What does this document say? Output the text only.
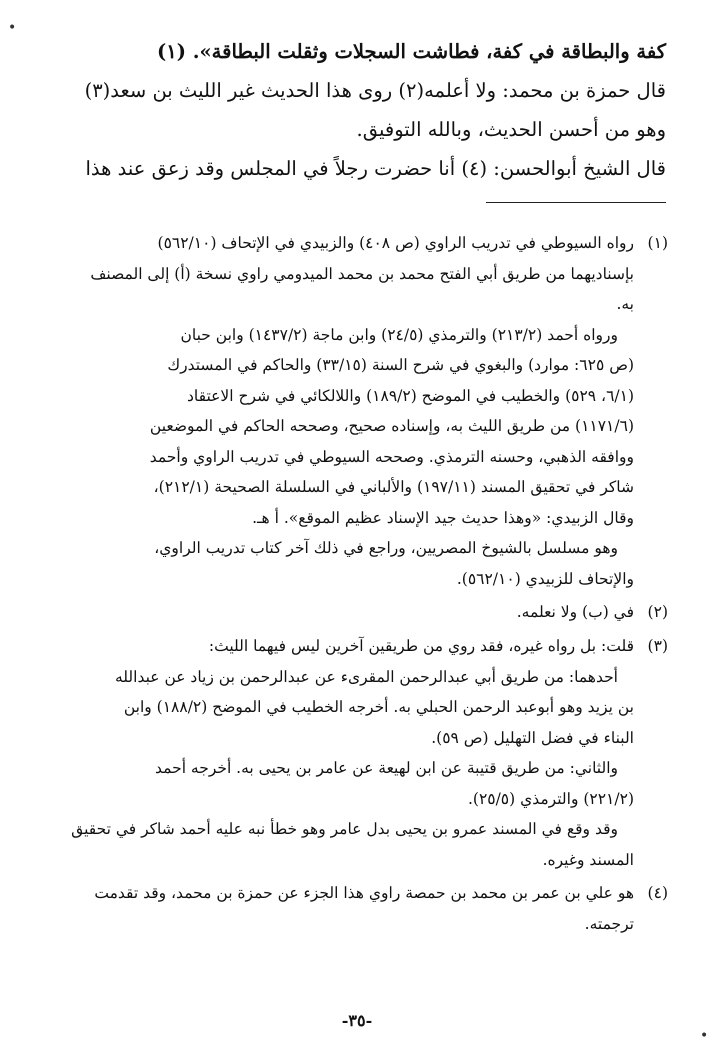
كفة والبطاقة في كفة، فطاشت السجلات وثقلت البطاقة». (١)

قال حمزة بن محمد: ولا أعلمه(٢) روى هذا الحديث غير الليث بن سعد(٣)

وهو من أحسن الحديث، وبالله التوفيق.

قال الشيخ أبوالحسن: (٤) أنا حضرت رجلاً في المجلس وقد زعق عند هذا

(١)

رواه السيوطي في تدريب الراوي (ص ٤٠٨) والزبيدي في الإتحاف (٥٦٢/١٠)

بإسناديهما من طريق أبي الفتح محمد بن محمد الميدومي راوي نسخة (أ) إلى المصنف

به.

ورواه أحمد (٢١٣/٢) والترمذي (٢٤/٥) وابن ماجة (١٤٣٧/٢) وابن حبان

(ص ٦٢٥: موارد) والبغوي في شرح السنة (٣٣/١٥) والحاكم في المستدرك

(٦/١، ٥٢٩) والخطيب في الموضح (١٨٩/٢) واللالكائي في شرح الاعتقاد

(١١٧١/٦) من طريق الليث به، وإسناده صحيح، وصححه الحاكم في الموضعين

ووافقه الذهبي، وحسنه الترمذي. وصححه السيوطي في تدريب الراوي وأحمد

شاكر في تحقيق المسند (١٩٧/١١) والألباني في السلسلة الصحيحة (٢١٢/١)،

وقال الزبيدي: «وهذا حديث جيد الإسناد عظيم الموقع». أ هـ.

وهو مسلسل بالشيوخ المصريين، وراجع في ذلك آخر كتاب تدريب الراوي،

والإتحاف للزبيدي (٥٦٢/١٠).

(٢)

في (ب) ولا نعلمه.

(٣)

قلت: بل رواه غيره، فقد روي من طريقين آخرين ليس فيهما الليث:

أحدهما: من طريق أبي عبدالرحمن المقرىء عن عبدالرحمن بن زياد عن عبدالله

بن يزيد وهو أبوعبد الرحمن الحبلي به. أخرجه الخطيب في الموضح (١٨٨/٢) وابن

البناء في فضل التهليل (ص ٥٩).

والثاني: من طريق قتيبة عن ابن لهيعة عن عامر بن يحيى به. أخرجه أحمد

(٢٢١/٢) والترمذي (٢٥/٥).

وقد وقع في المسند عمرو بن يحيى بدل عامر وهو خطأ نبه عليه أحمد شاكر في تحقيق

المسند وغيره.

(٤)

هو علي بن عمر بن محمد بن حمصة راوي هذا الجزء عن حمزة بن محمد، وقد تقدمت

ترجمته.

-٣٥-
•
•
